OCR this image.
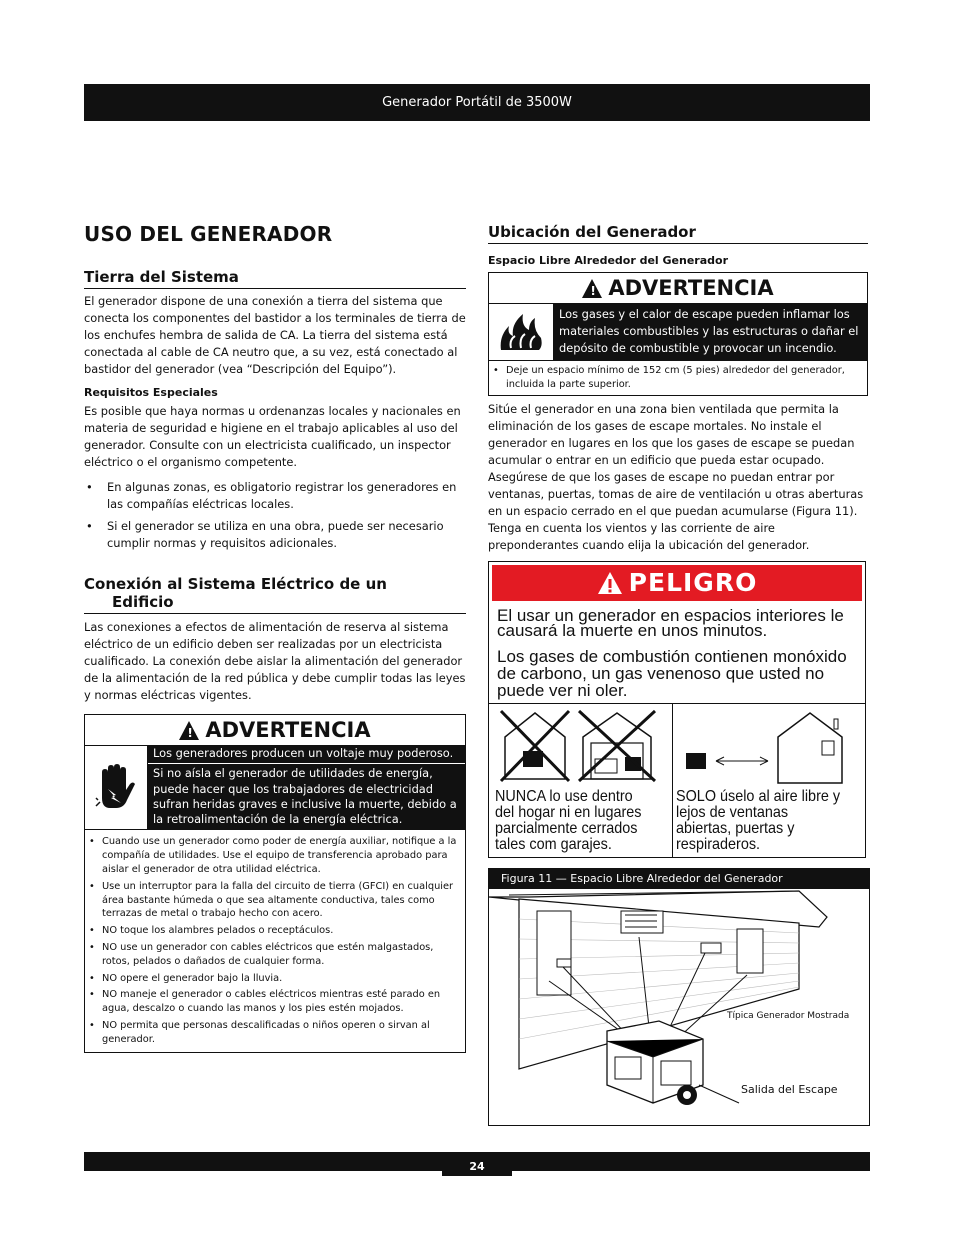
Generador Portátil de 3500W
USO DEL GENERADOR
Tierra del Sistema

El generador dispone de una conexión a tierra del sistema que conecta los componentes del bastidor a los terminales de tierra de los enchufes hembra de salida de CA. La tierra del sistema está conectada al cable de CA neutro que, a su vez, está conectado al bastidor del generador (vea “Descripción del Equipo”).

Requisitos Especiales

Es posible que haya normas u ordenanzas locales y nacionales en materia de seguridad e higiene en el trabajo aplicables al uso del generador. Consulte con un electricista cualificado, un inspector eléctrico o el organismo competente.

• En algunas zonas, es obligatorio registrar los generadores en las compañías eléctricas locales.
• Si el generador se utiliza en una obra, puede ser necesario cumplir normas y requisitos adicionales.
Conexión al Sistema Eléctrico de un
Edificio

Las conexiones a efectos de alimentación de reserva al sistema eléctrico de un edificio deben ser realizadas por un electricista cualificado. La conexión debe aislar la alimentación del generador de la alimentación de la red pública y debe cumplir todas las leyes y normas eléctricas vigentes.

! ADVERTENCIA

Los generadores producen un voltaje muy poderoso.

Si no aísla el generador de utilidades de energía, puede hacer que los trabajadores de electricidad sufran heridas graves e inclusive la muerte, debido a la retroalimentación de la energía eléctrica.

• Cuando use un generador como poder de energía auxiliar, notifique a la compañía de utilidades. Use el equipo de transferencia aprobado para aislar el generador de otra utilidad eléctrica.
• Use un interruptor para la falla del circuito de tierra (GFCI) en cualquier área bastante húmeda o que sea altamente conductiva, tales como terrazas de metal o trabajo hecho con acero.
• NO toque los alambres pelados o receptáculos.
• NO use un generador con cables eléctricos que estén malgastados, rotos, pelados o dañados de cualquier forma.
• NO opere el generador bajo la lluvia.
• NO maneje el generador o cables eléctricos mientras esté parado en agua, descalzo o cuando las manos y los pies estén mojados.
• NO permita que personas descalificadas o niños operen o sirvan al generador.
Ubicación del Generador
Espacio Libre Alrededor del Generador
! ADVERTENCIA

Los gases y el calor de escape pueden inflamar los materiales combustibles y las estructuras o dañar el depósito de combustible y provocar un incendio.

• Deje un espacio mínimo de 152 cm (5 pies) alrededor del generador, incluida la parte superior.

Sitúe el generador en una zona bien ventilada que permita la eliminación de los gases de escape mortales. No instale el generador en lugares en los que los gases de escape se puedan acumular o entrar en un edificio que pueda estar ocupado. Asegúrese de que los gases de escape no puedan entrar por ventanas, puertas, tomas de aire de ventilación u otras aberturas en un espacio cerrado en el que puedan acumularse (Figura 11). Tenga en cuenta los vientos y las corriente de aire preponderantes cuando elija la ubicación del generador.

PELIGRO

El usar un generador en espacios interiores le causará la muerte en unos minutos.

Los gases de combustión contienen monóxido de carbono, un gas venenoso que usted no puede ver ni oler.

NUNCA lo use dentro del hogar ni en lugares parcialmente cerrados tales com garajes.

SOLO úselo al aire libre y lejos de ventanas abiertas, puertas y respiraderos.

Figura 11 — Espacio Libre Alrededor del Generador
Típica Generador Mostrada
Salida del Escape
24
